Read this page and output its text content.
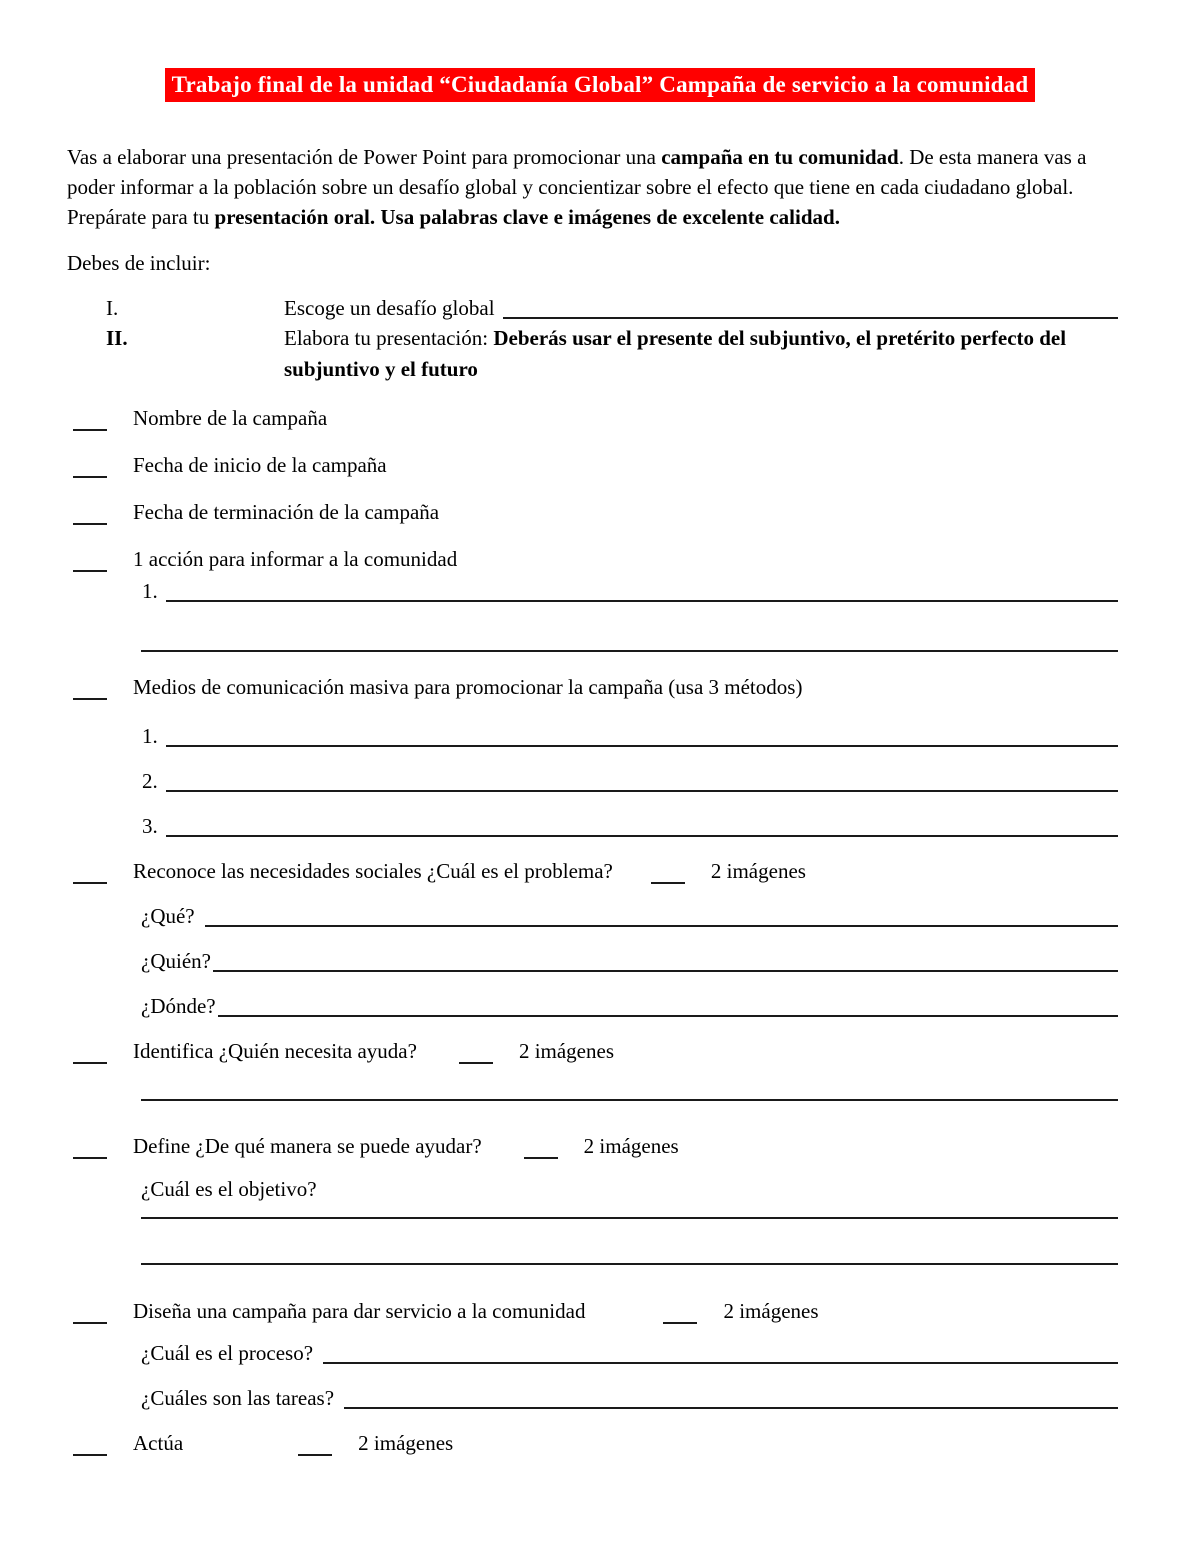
Trabajo final de la unidad “Ciudadanía Global” Campaña de servicio a la comunidad

Vas a elaborar una presentación de Power Point para promocionar una campaña en tu comunidad. De esta manera vas a poder informar a la población sobre un desafío global y concientizar sobre el efecto que tiene en cada ciudadano global. Prepárate para tu presentación oral. Usa palabras clave e imágenes de excelente calidad.

Debes de incluir:

I.	Escoge un desafío global
II.	Elabora tu presentación: Deberás usar el presente del subjuntivo, el pretérito perfecto del subjuntivo y el futuro
Nombre de la campaña
Fecha de inicio de la campaña
Fecha de terminación de la campaña
1 acción para informar a la comunidad
1.
Medios de comunicación masiva para promocionar la campaña (usa 3 métodos)
1.
2.
3.
Reconoce las necesidades sociales ¿Cuál es el problema?	2 imágenes
¿Qué?
¿Quién?
¿Dónde?
Identifica ¿Quién necesita ayuda?	2 imágenes
Define ¿De qué manera se puede ayudar?	2 imágenes
¿Cuál es el objetivo?
Diseña una campaña para dar servicio a la comunidad	2 imágenes
¿Cuál es el proceso?
¿Cuáles son las tareas?
Actúa	2 imágenes
